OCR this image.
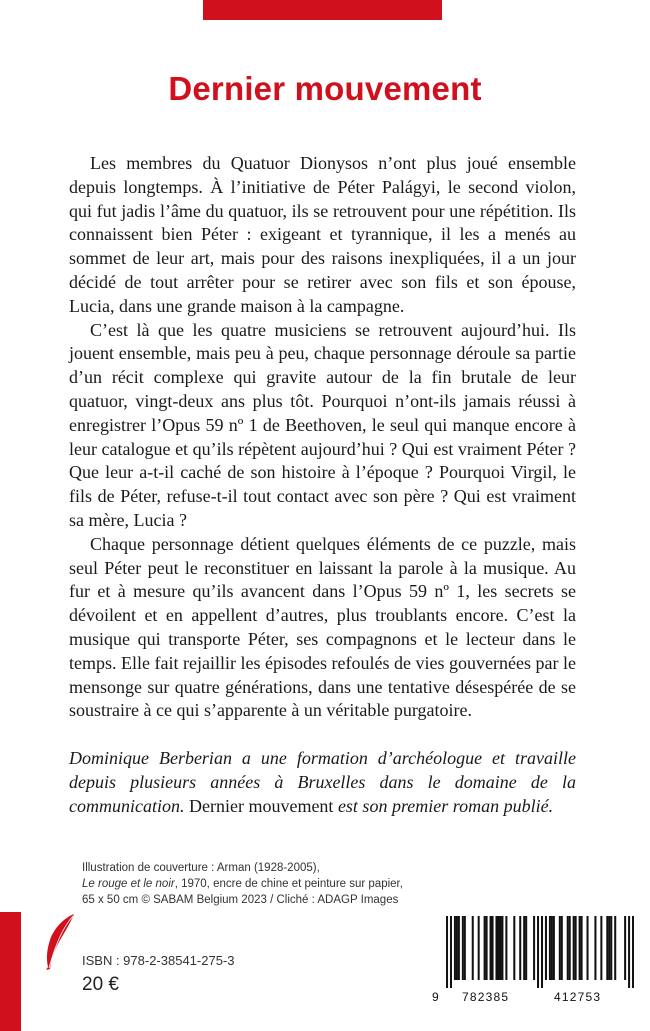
Dernier mouvement

Les membres du Quatuor Dionysos n’ont plus joué ensemble depuis longtemps. À l’initiative de Péter Palágyi, le second violon, qui fut jadis l’âme du quatuor, ils se retrouvent pour une répétition. Ils connaissent bien Péter : exigeant et tyrannique, il les a menés au sommet de leur art, mais pour des raisons inexpliquées, il a un jour décidé de tout arrêter pour se retirer avec son fils et son épouse, Lucia, dans une grande maison à la campagne.

C’est là que les quatre musiciens se retrouvent aujourd’hui. Ils jouent ensemble, mais peu à peu, chaque personnage déroule sa partie d’un récit complexe qui gravite autour de la fin brutale de leur quatuor, vingt-deux ans plus tôt. Pourquoi n’ont-ils jamais réussi à enregistrer l’Opus 59 nº 1 de Beethoven, le seul qui manque encore à leur catalogue et qu’ils répètent aujourd’hui ? Qui est vraiment Péter ? Que leur a-t-il caché de son histoire à l’époque ? Pourquoi Virgil, le fils de Péter, refuse-t-il tout contact avec son père ? Qui est vraiment sa mère, Lucia ?

Chaque personnage détient quelques éléments de ce puzzle, mais seul Péter peut le reconstituer en laissant la parole à la musique. Au fur et à mesure qu’ils avancent dans l’Opus 59 nº 1, les secrets se dévoilent et en appellent d’autres, plus troublants encore. C’est la musique qui transporte Péter, ses compagnons et le lecteur dans le temps. Elle fait rejaillir les épisodes refoulés de vies gouvernées par le mensonge sur quatre générations, dans une tentative désespérée de se soustraire à ce qui s’apparente à un véritable purgatoire.

Dominique Berberian a une formation d’archéologue et travaille depuis plusieurs années à Bruxelles dans le domaine de la communication. Dernier mouvement est son premier roman publié.

Illustration de couverture : Arman (1928-2005),
Le rouge et le noir, 1970, encre de chine et peinture sur papier,
65 x 50 cm © SABAM Belgium 2023 / Cliché : ADAGP Images
ISBN : 978-2-38541-275-3
20 €
9 782385	412753
